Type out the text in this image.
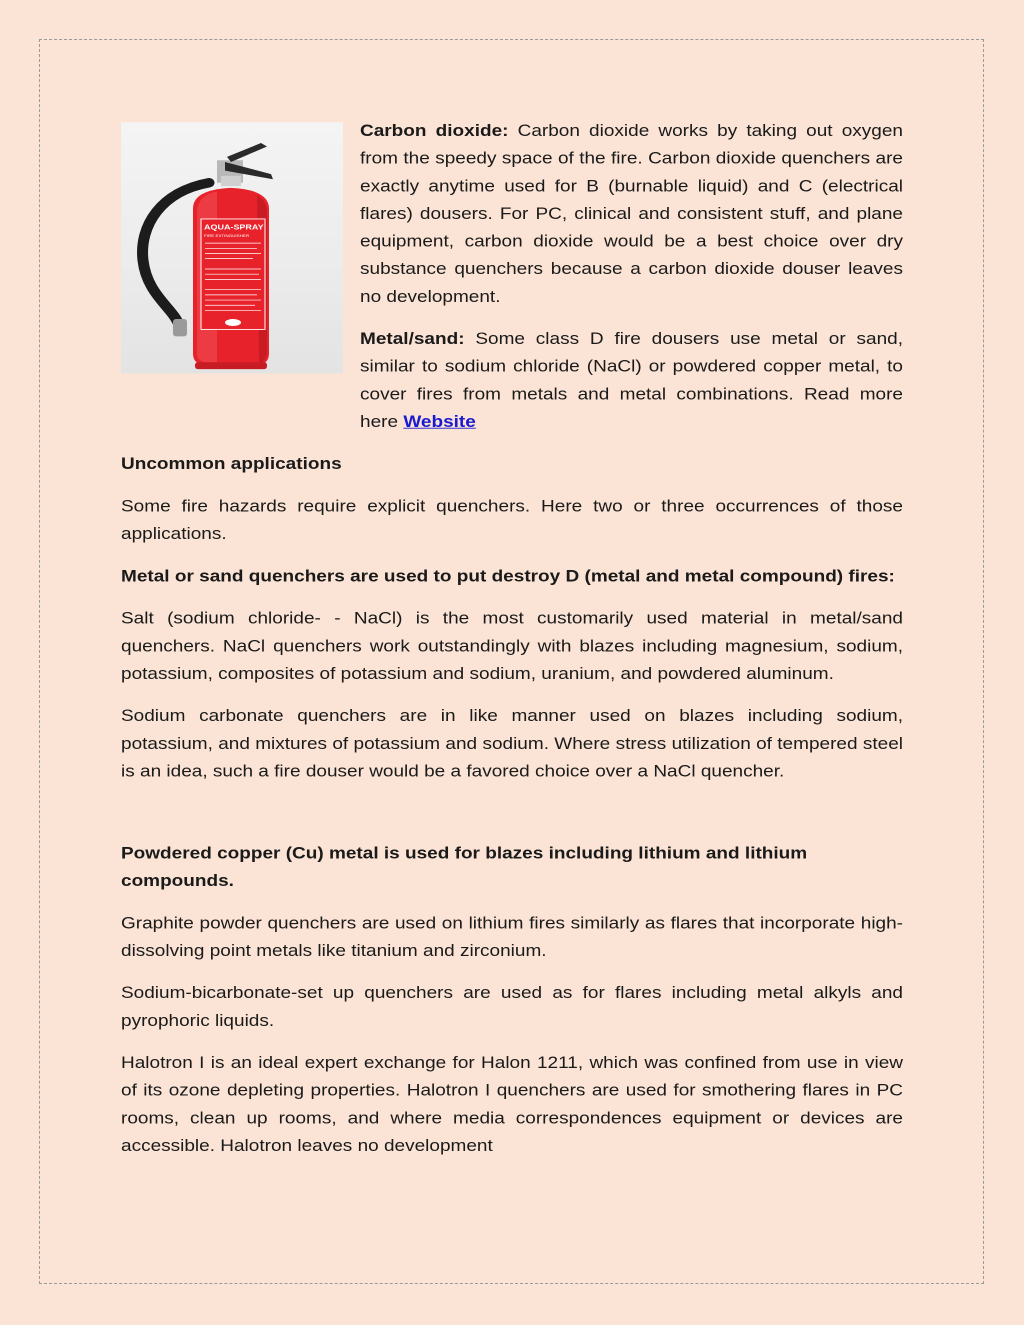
AQUA-SPRAY
FIRE EXTINGUISHER

Carbon dioxide: Carbon dioxide works by taking out oxygen from the speedy space of the fire. Carbon dioxide quenchers are exactly anytime used for B (burnable liquid) and C (electrical flares) dousers. For PC, clinical and consistent stuff, and plane equipment, carbon dioxide would be a best choice over dry substance quenchers because a carbon dioxide douser leaves no development.

Metal/sand: Some class D fire dousers use metal or sand, similar to sodium chloride (NaCl) or powdered copper metal, to cover fires from metals and metal combinations. Read more here Website

Uncommon applications

Some fire hazards require explicit quenchers. Here two or three occurrences of those applications.

Metal or sand quenchers are used to put destroy D (metal and metal compound) fires:

Salt (sodium chloride- - NaCl) is the most customarily used material in metal/sand quenchers. NaCl quenchers work outstandingly with blazes including magnesium, sodium, potassium, composites of potassium and sodium, uranium, and powdered aluminum.

Sodium carbonate quenchers are in like manner used on blazes including sodium, potassium, and mixtures of potassium and sodium. Where stress utilization of tempered steel is an idea, such a fire douser would be a favored choice over a NaCl quencher.

Powdered copper (Cu) metal is used for blazes including lithium and lithium compounds.

Graphite powder quenchers are used on lithium fires similarly as flares that incorporate high-dissolving point metals like titanium and zirconium.

Sodium-bicarbonate-set up quenchers are used as for flares including metal alkyls and pyrophoric liquids.

Halotron I is an ideal expert exchange for Halon 1211, which was confined from use in view of its ozone depleting properties. Halotron I quenchers are used for smothering flares in PC rooms, clean up rooms, and where media correspondences equipment or devices are accessible. Halotron leaves no development
